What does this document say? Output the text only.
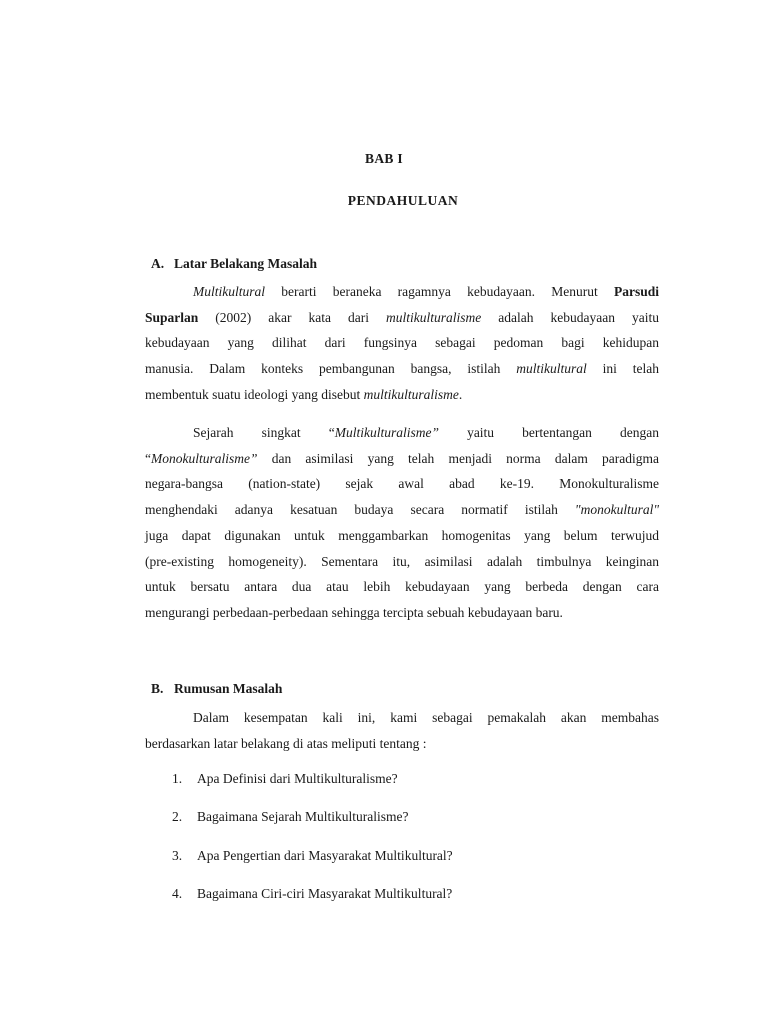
BAB I
PENDAHULUAN
A. Latar Belakang Masalah

Multikultural berarti beraneka ragamnya kebudayaan. Menurut Parsudi
Suparlan (2002) akar kata dari multikulturalisme adalah kebudayaan yaitu
kebudayaan yang dilihat dari fungsinya sebagai pedoman bagi kehidupan
manusia. Dalam konteks pembangunan bangsa, istilah multikultural ini telah
membentuk suatu ideologi yang disebut multikulturalisme.

Sejarah singkat “Multikulturalisme” yaitu bertentangan dengan
“Monokulturalisme” dan asimilasi yang telah menjadi norma dalam paradigma
negara-bangsa (nation-state) sejak awal abad ke-19. Monokulturalisme
menghendaki adanya kesatuan budaya secara normatif istilah "monokultural"
juga dapat digunakan untuk menggambarkan homogenitas yang belum terwujud
(pre-existing homogeneity). Sementara itu, asimilasi adalah timbulnya keinginan
untuk bersatu antara dua atau lebih kebudayaan yang berbeda dengan cara
mengurangi perbedaan-perbedaan sehingga tercipta sebuah kebudayaan baru.

B. Rumusan Masalah

Dalam kesempatan kali ini, kami sebagai pemakalah akan membahas
berdasarkan latar belakang di atas meliputi tentang :

1. Apa Definisi dari Multikulturalisme?
2. Bagaimana Sejarah Multikulturalisme?
3. Apa Pengertian dari Masyarakat Multikultural?
4. Bagaimana Ciri-ciri Masyarakat Multikultural?
